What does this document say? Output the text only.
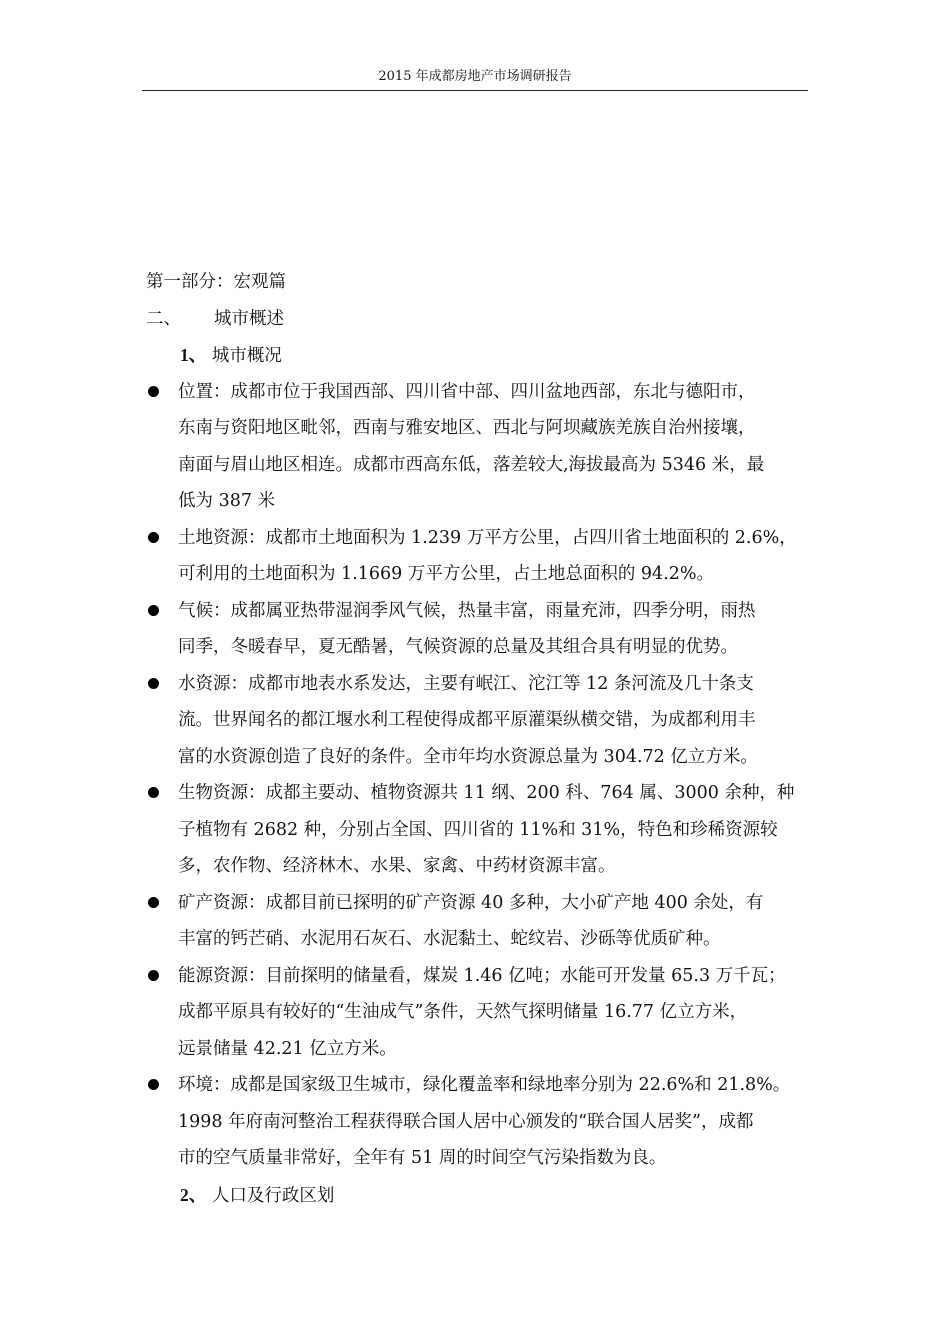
2015 年成都房地产市场调研报告
第一部分：宏观篇
二、 城市概述
1、 城市概况
位置：成都市位于我国西部、四川省中部、四川盆地西部，东北与德阳市，
东南与资阳地区毗邻，西南与雅安地区、西北与阿坝藏族羌族自治州接壤，
南面与眉山地区相连。成都市西高东低，落差较大,海拔最高为 5346 米，最
低为 387 米
土地资源：成都市土地面积为 1.239 万平方公里，占四川省土地面积的 2.6%，
可利用的土地面积为 1.1669 万平方公里，占土地总面积的 94.2%。
气候：成都属亚热带湿润季风气候，热量丰富，雨量充沛，四季分明，雨热
同季，冬暖春早，夏无酷暑，气候资源的总量及其组合具有明显的优势。
水资源：成都市地表水系发达，主要有岷江、沱江等 12 条河流及几十条支
流。世界闻名的都江堰水利工程使得成都平原灌渠纵横交错，为成都利用丰
富的水资源创造了良好的条件。全市年均水资源总量为 304.72 亿立方米。
生物资源：成都主要动、植物资源共 11 纲、200 科、764 属、3000 余种，种
子植物有 2682 种，分别占全国、四川省的 11%和 31%，特色和珍稀资源较
多，农作物、经济林木、水果、家禽、中药材资源丰富。
矿产资源：成都目前已探明的矿产资源 40 多种，大小矿产地 400 余处，有
丰富的钙芒硝、水泥用石灰石、水泥黏土、蛇纹岩、沙砾等优质矿种。
能源资源：目前探明的储量看，煤炭 1.46 亿吨；水能可开发量 65.3 万千瓦；
成都平原具有较好的“生油成气”条件，天然气探明储量 16.77 亿立方米，
远景储量 42.21 亿立方米。
环境：成都是国家级卫生城市，绿化覆盖率和绿地率分别为 22.6%和 21.8%。
1998 年府南河整治工程获得联合国人居中心颁发的“联合国人居奖”，成都
市的空气质量非常好，全年有 51 周的时间空气污染指数为良。
2、 人口及行政区划
